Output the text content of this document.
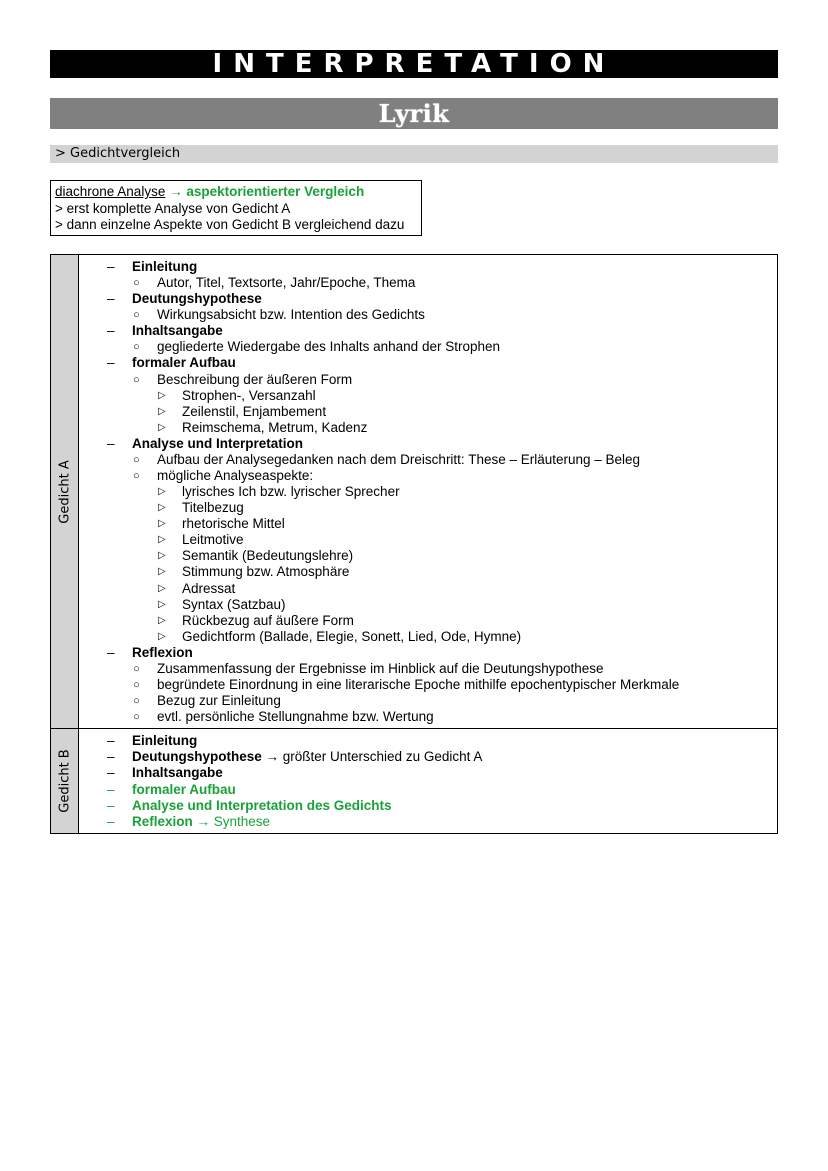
INTERPRETATION
Lyrik
> Gedichtvergleich
diachrone Analyse → aspektorientierter Vergleich
> erst komplette Analyse von Gedicht A
> dann einzelne Aspekte von Gedicht B vergleichend dazu
Gedicht A
– Einleitung
○ Autor, Titel, Textsorte, Jahr/Epoche, Thema
– Deutungshypothese
○ Wirkungsabsicht bzw. Intention des Gedichts
– Inhaltsangabe
○ gegliederte Wiedergabe des Inhalts anhand der Strophen
– formaler Aufbau
○ Beschreibung der äußeren Form
▷ Strophen-, Versanzahl
▷ Zeilenstil, Enjambement
▷ Reimschema, Metrum, Kadenz
– Analyse und Interpretation
○ Aufbau der Analysegedanken nach dem Dreischritt: These – Erläuterung – Beleg
○ mögliche Analyseaspekte:
▷ lyrisches Ich bzw. lyrischer Sprecher
▷ Titelbezug
▷ rhetorische Mittel
▷ Leitmotive
▷ Semantik (Bedeutungslehre)
▷ Stimmung bzw. Atmosphäre
▷ Adressat
▷ Syntax (Satzbau)
▷ Rückbezug auf äußere Form
▷ Gedichtform (Ballade, Elegie, Sonett, Lied, Ode, Hymne)
– Reflexion
○ Zusammenfassung der Ergebnisse im Hinblick auf die Deutungshypothese
○ begründete Einordnung in eine literarische Epoche mithilfe epochentypischer Merkmale
○ Bezug zur Einleitung
○ evtl. persönliche Stellungnahme bzw. Wertung
Gedicht B
– Einleitung
– Deutungshypothese → größter Unterschied zu Gedicht A
– Inhaltsangabe
– formaler Aufbau
– Analyse und Interpretation des Gedichts
– Reflexion → Synthese
